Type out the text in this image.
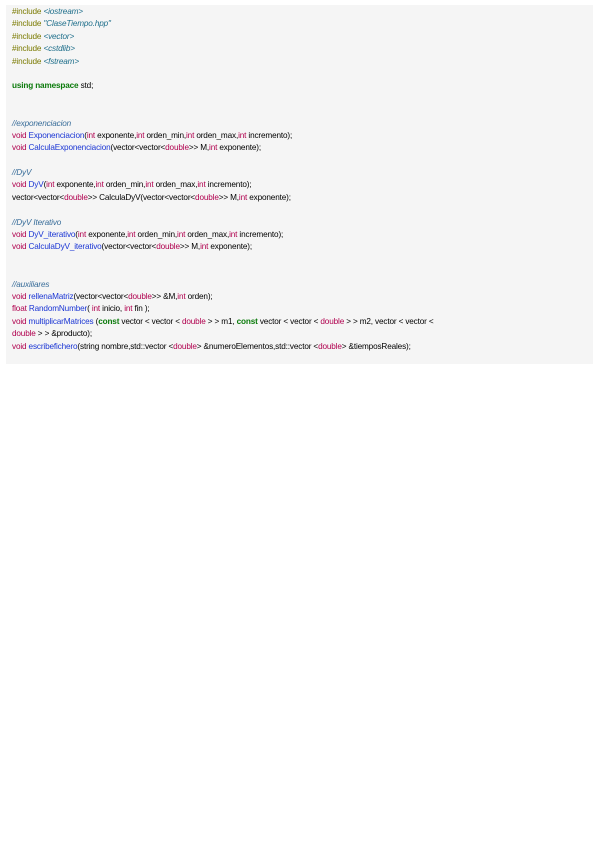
#include <iostream>
#include "ClaseTiempo.hpp"
#include <vector>
#include <cstdlib>
#include <fstream>
using namespace std;
//exponenciacion
void Exponenciacion(int exponente,int orden_min,int orden_max,int incremento);
void CalculaExponenciacion(vector<vector<double>> M,int exponente);
//DyV
void DyV(int exponente,int orden_min,int orden_max,int incremento);
vector<vector<double>> CalculaDyV(vector<vector<double>> M,int exponente);
//DyV Iterativo
void DyV_iterativo(int exponente,int orden_min,int orden_max,int incremento);
void CalculaDyV_iterativo(vector<vector<double>> M,int exponente);
//auxiliares
void rellenaMatriz(vector<vector<double>> &M,int orden);
float RandomNumber( int inicio, int fin );
void multiplicarMatrices (const vector < vector < double > > m1, const vector < vector < double > > m2, vector < vector <
double > > &producto);
void escribefichero(string nombre,std::vector <double> &numeroElementos,std::vector <double> &tiemposReales);
